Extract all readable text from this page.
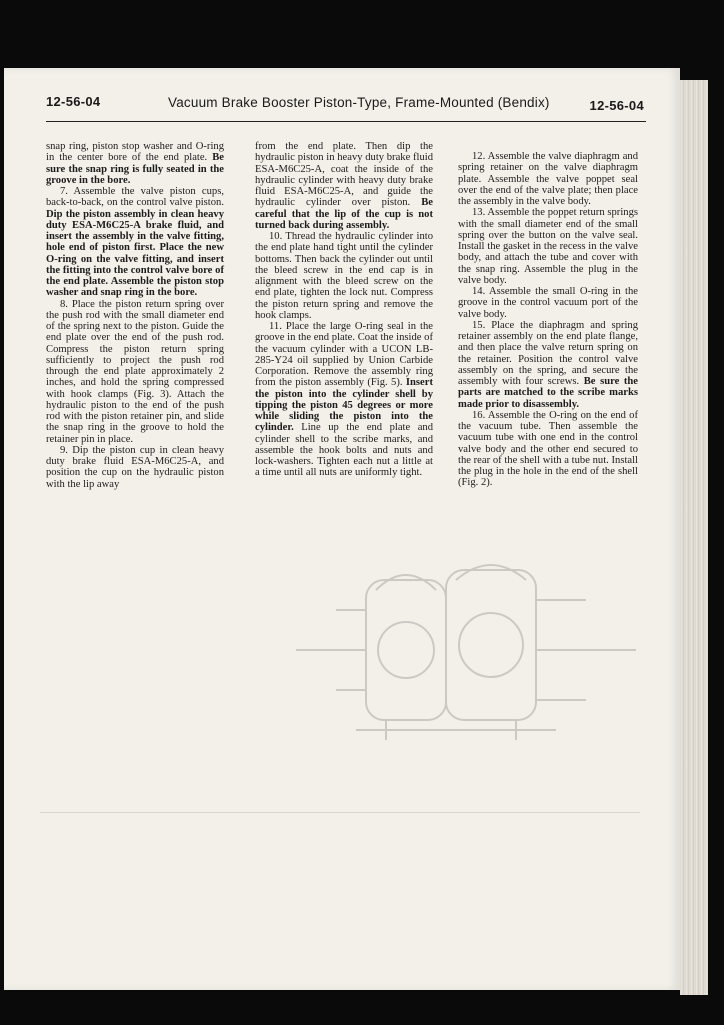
12-56-04	Vacuum Brake Booster Piston-Type, Frame-Mounted (Bendix)	12-56-04

snap ring, piston stop washer and O-ring in the center bore of the end plate. Be sure the snap ring is fully seated in the groove in the bore.

7. Assemble the valve piston cups, back-to-back, on the control valve piston. Dip the piston assembly in clean heavy duty ESA-M6C25-A brake fluid, and insert the assembly in the valve fitting, hole end of piston first. Place the new O-ring on the valve fitting, and insert the fitting into the control valve bore of the end plate. Assemble the piston stop washer and snap ring in the bore.

8. Place the piston return spring over the push rod with the small diameter end of the spring next to the piston. Guide the end plate over the end of the push rod. Compress the piston return spring sufficiently to project the push rod through the end plate approximately 2 inches, and hold the spring compressed with hook clamps (Fig. 3). Attach the hydraulic piston to the end of the push rod with the piston retainer pin, and slide the snap ring in the groove to hold the retainer pin in place.

9. Dip the piston cup in clean heavy duty brake fluid ESA-M6C25-A, and position the cup on the hydraulic piston with the lip away

from the end plate. Then dip the hydraulic piston in heavy duty brake fluid ESA-M6C25-A, coat the inside of the hydraulic cylinder with heavy duty brake fluid ESA-M6C25-A, and guide the hydraulic cylinder over piston. Be careful that the lip of the cup is not turned back during assembly.

10. Thread the hydraulic cylinder into the end plate hand tight until the cylinder bottoms. Then back the cylinder out until the bleed screw in the end cap is in alignment with the bleed screw on the end plate, tighten the lock nut. Compress the piston return spring and remove the hook clamps.

11. Place the large O-ring seal in the groove in the end plate. Coat the inside of the vacuum cylinder with a UCON LB-285-Y24 oil supplied by Union Carbide Corporation. Remove the assembly ring from the piston assembly (Fig. 5). Insert the piston into the cylinder shell by tipping the piston 45 degrees or more while sliding the piston into the cylinder. Line up the end plate and cylinder shell to the scribe marks, and assemble the hook bolts and nuts and lock-washers. Tighten each nut a little at a time until all nuts are uniformly tight.

12. Assemble the valve diaphragm and spring retainer on the valve diaphragm plate. Assemble the valve poppet seal over the end of the valve plate; then place the assembly in the valve body.

13. Assemble the poppet return springs with the small diameter end of the small spring over the button on the valve seal. Install the gasket in the recess in the valve body, and attach the tube and cover with the snap ring. Assemble the plug in the valve body.

14. Assemble the small O-ring in the groove in the control vacuum port of the valve body.

15. Place the diaphragm and spring retainer assembly on the end plate flange, and then place the valve return spring on the retainer. Position the control valve assembly on the spring, and secure the assembly with four screws. Be sure the parts are matched to the scribe marks made prior to disassembly.

16. Assemble the O-ring on the end of the vacuum tube. Then assemble the vacuum tube with one end in the control valve body and the other end secured to the rear of the shell with a tube nut. Install the plug in the hole in the end of the shell (Fig. 2).
